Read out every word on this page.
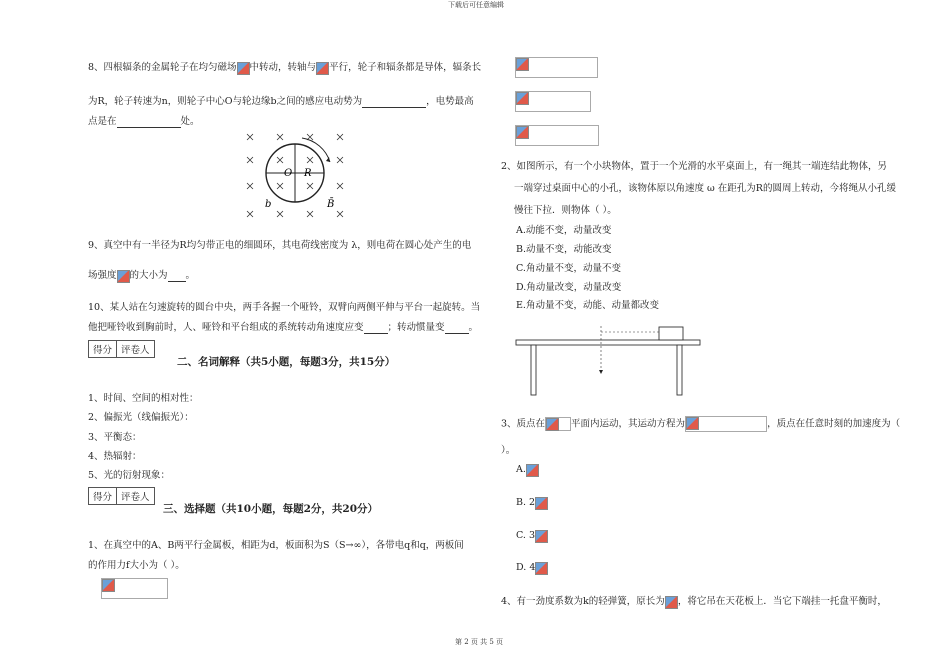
下载后可任意编辑
第 2 页 共 5 页
8、四根辐条的金属轮子在均匀磁场 中转动，转轴与 平行，轮子和辐条都是导体，辐条长
为R，轮子转速为n，则轮子中心O与轮边缘b之间的感应电动势为	，电势最高
点是在	处。
O R
b	B̄
9、真空中有一半径为R均匀带正电的细圆环，其电荷线密度为 λ，则电荷在圆心处产生的电
场强度 的大小为 。
10、某人站在匀速旋转的圆台中央，两手各握一个哑铃，双臂向两侧平伸与平台一起旋转。当
他把哑铃收到胸前时，人、哑铃和平台组成的系统转动角速度应变	；转动惯量变	。
得分 评卷人
二、名词解释（共5小题，每题3分，共15分）
1、时间、空间的相对性：
2、偏振光（线偏振光）：
3、平衡态：
4、热辐射：
5、光的衍射现象：
得分 评卷人
三、选择题（共10小题，每题2分，共20分）
1、在真空中的A、B两平行金属板，相距为d，板面积为S（S→∞），各带电q和q，两板间
的作用力f大小为（ ）。
2、如图所示，有一个小块物体，置于一个光滑的水平桌面上，有一绳其一端连结此物体，另
一端穿过桌面中心的小孔，该物体原以角速度 ω 在距孔为R的圆周上转动，今将绳从小孔缓
慢往下拉．则物体（ ）。
A.动能不变，动量改变
B.动量不变，动能改变
C.角动量不变，动量不变
D.角动量改变，动量改变
E.角动量不变，动能、动量都改变
3、质点在	平面内运动，其运动方程为	，质点在任意时刻的加速度为（
）。
A.
B. 2
C. 3
D. 4
4、有一劲度系数为k的轻弹簧，原长为 ，将它吊在天花板上．当它下端挂一托盘平衡时，
